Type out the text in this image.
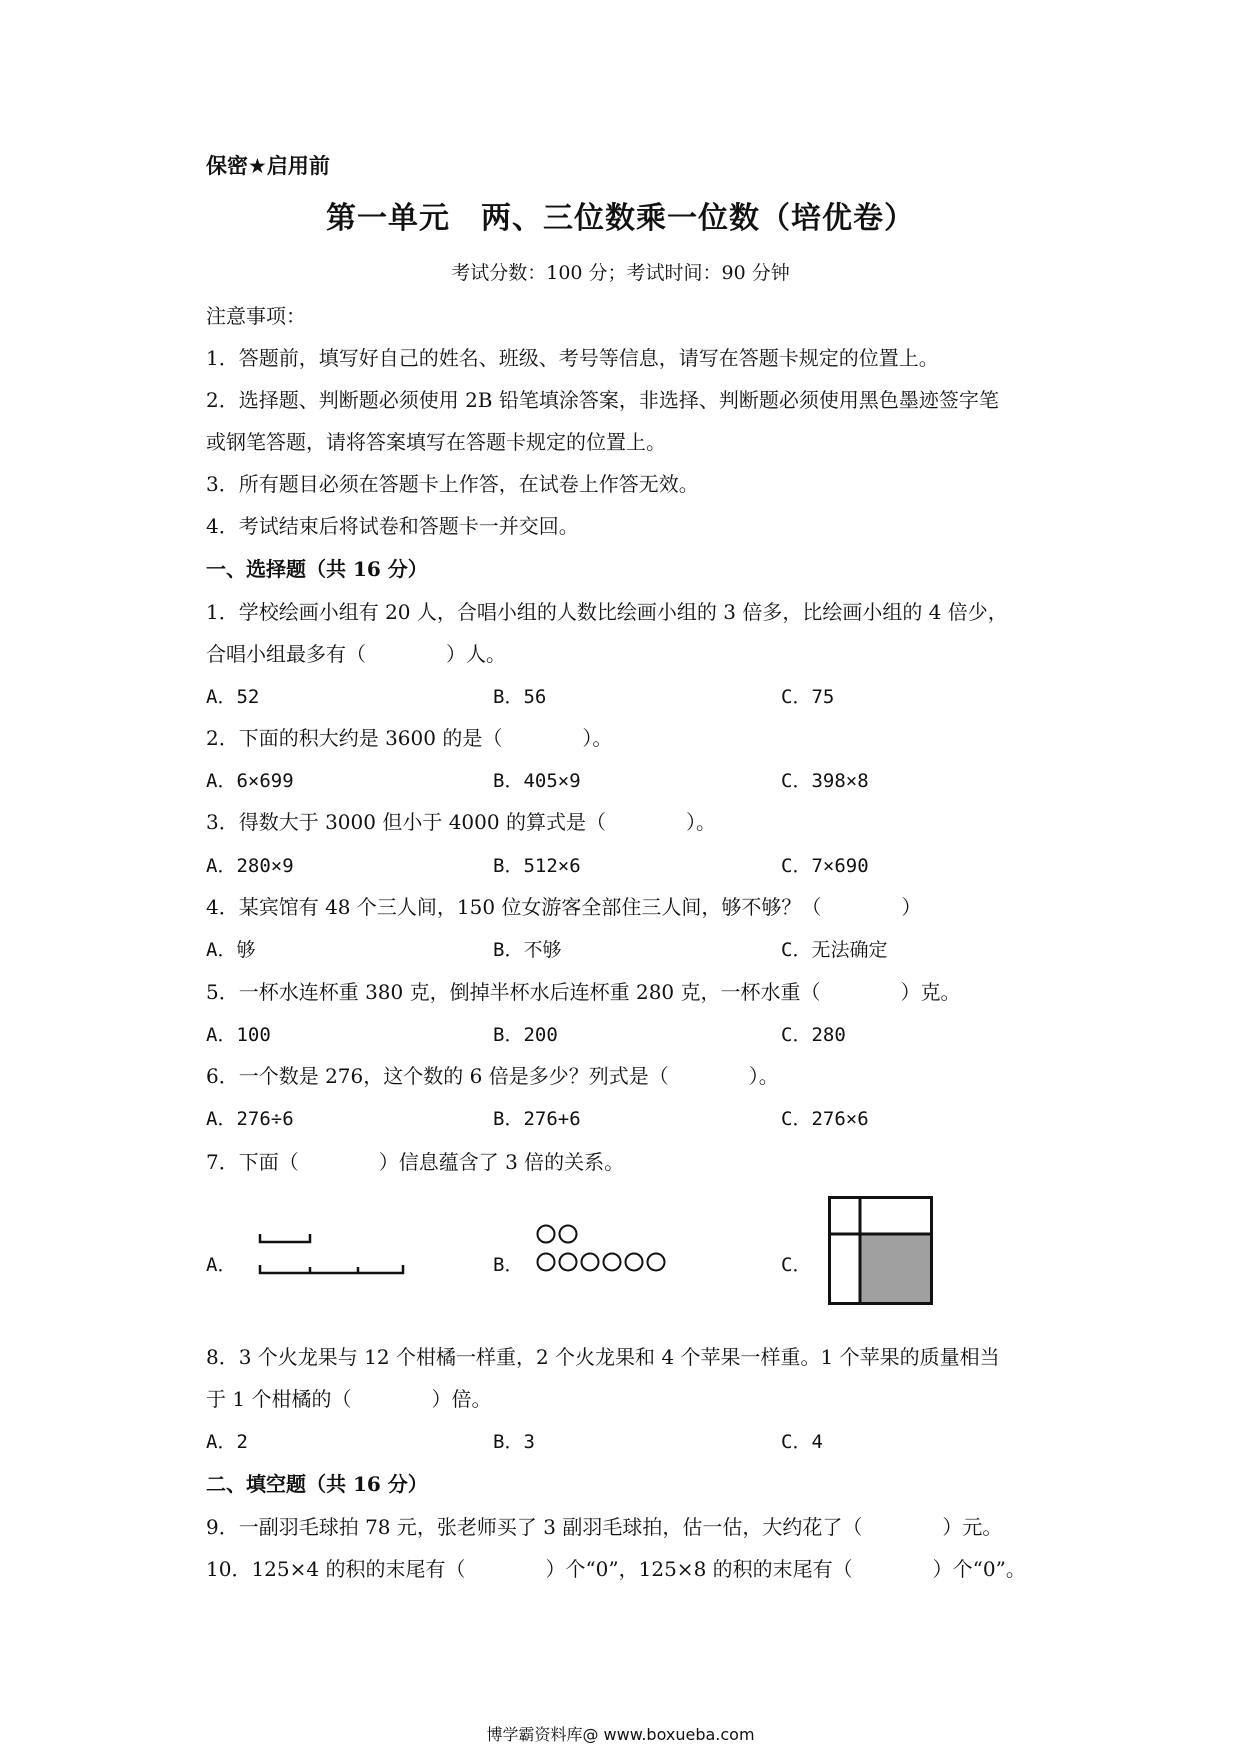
保密★启用前
第一单元　两、三位数乘一位数（培优卷）
考试分数：100 分；考试时间：90 分钟
注意事项：
1．答题前，填写好自己的姓名、班级、考号等信息，请写在答题卡规定的位置上。
2．选择题、判断题必须使用 2B 铅笔填涂答案，非选择、判断题必须使用黑色墨迹签字笔
或钢笔答题，请将答案填写在答题卡规定的位置上。
3．所有题目必须在答题卡上作答，在试卷上作答无效。
4．考试结束后将试卷和答题卡一并交回。
一、选择题（共 16 分）
1．学校绘画小组有 20 人，合唱小组的人数比绘画小组的 3 倍多，比绘画小组的 4 倍少，
合唱小组最多有（　　　　）人。
A．52	B．56	C．75
2．下面的积大约是 3600 的是（　　　　）。
A．6×699	B．405×9	C．398×8
3．得数大于 3000 但小于 4000 的算式是（　　　　）。
A．280×9	B．512×6	C．7×690
4．某宾馆有 48 个三人间，150 位女游客全部住三人间，够不够？（　　　　）
A．够	B．不够	C．无法确定
5．一杯水连杯重 380 克，倒掉半杯水后连杯重 280 克，一杯水重（　　　　）克。
A．100	B．200	C．280
6．一个数是 276，这个数的 6 倍是多少？列式是（　　　　）。
A．276÷6	B．276+6	C．276×6
7．下面（　　　　）信息蕴含了 3 倍的关系。
A．	B．	C．
8．3 个火龙果与 12 个柑橘一样重，2 个火龙果和 4 个苹果一样重。1 个苹果的质量相当
于 1 个柑橘的（　　　　）倍。
A．2	B．3	C．4
二、填空题（共 16 分）
9．一副羽毛球拍 78 元，张老师买了 3 副羽毛球拍，估一估，大约花了（　　　　）元。
10．125×4 的积的末尾有（　　　　）个“0”，125×8 的积的末尾有（　　　　）个“0”。
博学霸资料库@ www.boxueba.com
